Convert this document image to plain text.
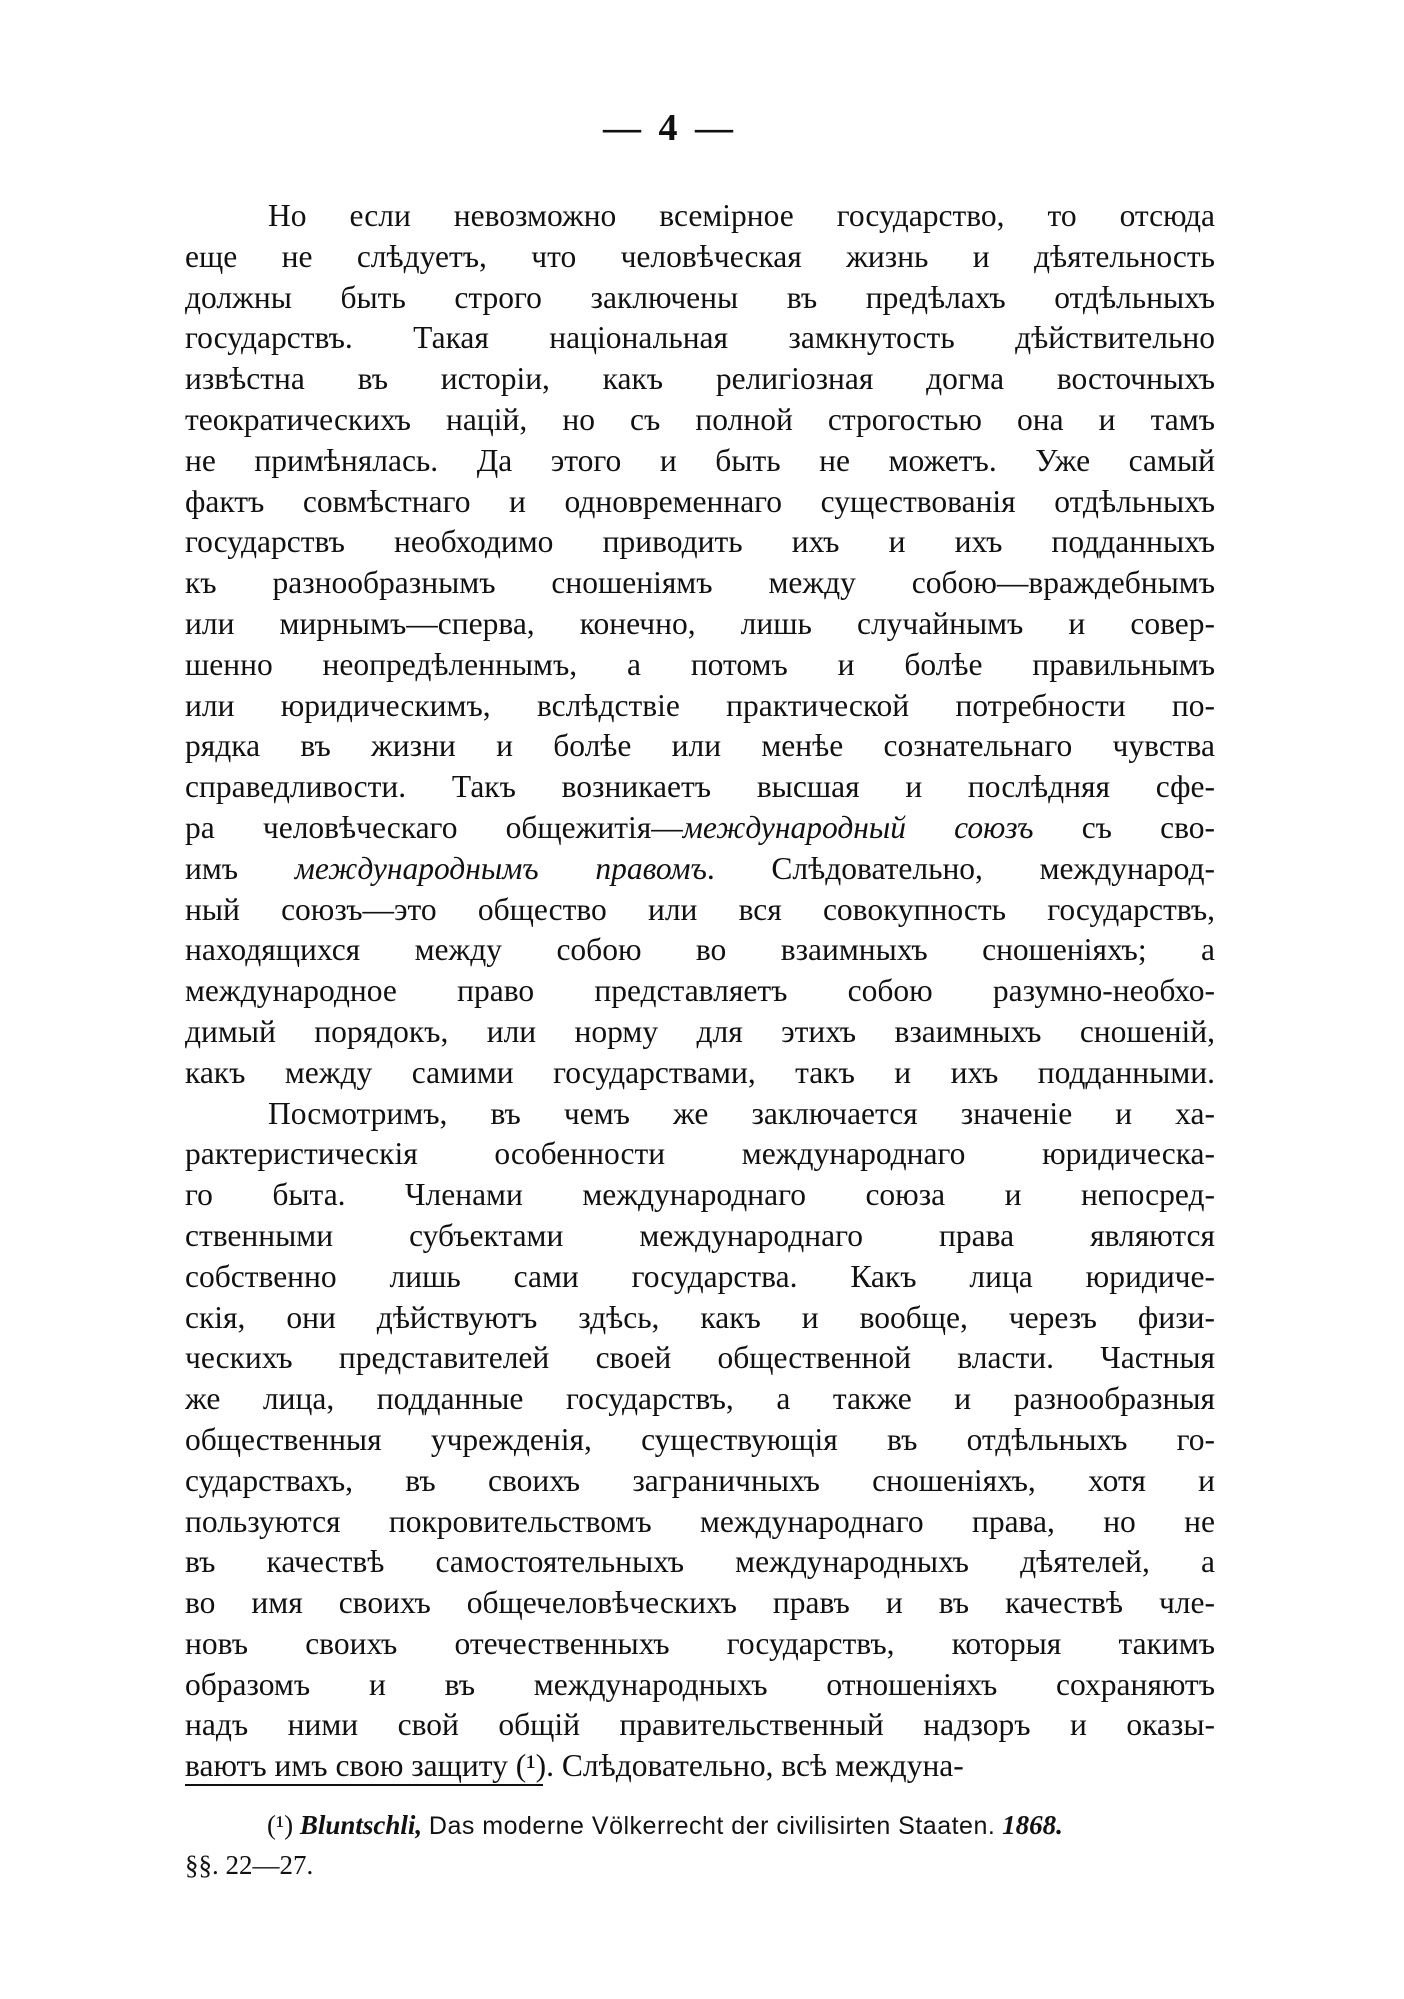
— 4 —
Но если невозможно всемірное государство, то отсюда
еще не слѣдуетъ, что человѣческая жизнь и дѣятельность
должны быть строго заключены въ предѣлахъ отдѣльныхъ
государствъ. Такая національная замкнутость дѣйствительно
извѣстна въ исторіи, какъ религіозная догма восточныхъ
теократическихъ націй, но съ полной строгостью она и тамъ
не примѣнялась. Да этого и быть не можетъ. Уже самый
фактъ совмѣстнаго и одновременнаго существованія отдѣльныхъ
государствъ необходимо приводить ихъ и ихъ подданныхъ
къ разнообразнымъ сношеніямъ между собою—враждебнымъ
или мирнымъ—сперва, конечно, лишь случайнымъ и совер-
шенно неопредѣленнымъ, а потомъ и болѣе правильнымъ
или юридическимъ, вслѣдствіе практической потребности по-
рядка въ жизни и болѣе или менѣе сознательнаго чувства
справедливости. Такъ возникаетъ высшая и послѣдняя сфе-
ра человѣческаго общежитія—международный союзъ съ сво-
имъ международнымъ правомъ. Слѣдовательно, международ-
ный союзъ—это общество или вся совокупность государствъ,
находящихся между собою во взаимныхъ сношеніяхъ; а
международное право представляетъ собою разумно-необхо-
димый порядокъ, или норму для этихъ взаимныхъ сношеній,
какъ между самими государствами, такъ и ихъ подданными.
Посмотримъ, въ чемъ же заключается значеніе и ха-
рактеристическія особенности международнаго юридическа-
го быта. Членами международнаго союза и непосред-
ственными субъектами международнаго права являются
собственно лишь сами государства. Какъ лица юридиче-
скія, они дѣйствуютъ здѣсь, какъ и вообще, черезъ физи-
ческихъ представителей своей общественной власти. Частныя
же лица, подданные государствъ, а также и разнообразныя
общественныя учрежденія, существующія въ отдѣльныхъ го-
сударствахъ, въ своихъ заграничныхъ сношеніяхъ, хотя и
пользуются покровительствомъ международнаго права, но не
въ качествѣ самостоятельныхъ международныхъ дѣятелей, а
во имя своихъ общечеловѣческихъ правъ и въ качествѣ чле-
новъ своихъ отечественныхъ государствъ, которыя такимъ
образомъ и въ международныхъ отношеніяхъ сохраняютъ
надъ ними свой общій правительственный надзоръ и оказы-
ваютъ имъ свою защиту (¹). Слѣдовательно, всѣ междуна-
(¹) Bluntschli, Das moderne Völkerrecht der civilisirten Staaten. 1868.
§§. 22—27.
